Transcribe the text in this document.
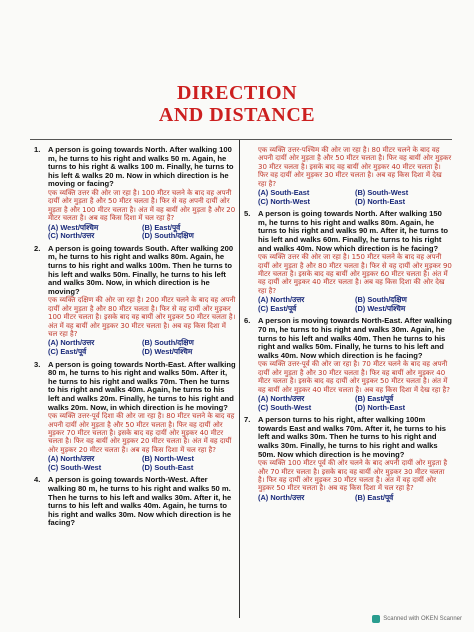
DIRECTION
AND DISTANCE
1. A person is going towards North. After walking 100 m, he turns to his right and walks 50 m. Again, he turns to his right & walks 100 m. Finally, he turns to his left & walks 20 m. Now in which direction is he moving or facing?
एक व्यक्ति उत्तर की ओर जा रहा है। 100 मीटर चलने के बाद वह अपनी दायीं ओर मुड़ता है और 50 मीटर चलता है। फिर से वह अपनी दायीं ओर मुड़ता है और 100 मीटर चलता है। अंत में वह बायीं ओर मुड़ता है और 20 मीटर चलता है। अब वह किस दिशा में चल रहा है?
(A) West/पश्चिम	(B) East/पूर्व
(C) North/उत्तर	(D) South/दक्षिण
2. A person is going towards South. After walking 200 m, he turns to his right and walks 80m. Again, he turns to his right and walks 100m. Then he turns to his left and walks 50m. Finally, he turns to his left and walks 30m. Now, in which direction is he moving?
एक व्यक्ति दक्षिण की ओर जा रहा है। 200 मीटर चलने के बाद वह अपनी दायीं ओर मुड़ता है और 80 मीटर चलता है। फिर से वह दायीं ओर मुड़कर 100 मीटर चलता है। इसके बाद वह बायीं ओर मुड़कर 50 मीटर चलता है। अंत में वह बायीं ओर मुड़कर 30 मीटर चलता है। अब वह किस दिशा में चल रहा है?
(A) North/उत्तर	(B) South/दक्षिण
(C) East/पूर्व	(D) West/पश्चिम
3. A person is going towards North-East. After walking 80 m, he turns to his right and walks 50m. After it, he turns to his right and walks 70m. Then he turns to his right and walks 40m. Again, he turns to his left and walks 20m. Finally, he turns to his right and walks 20m. Now, in which direction is he moving?
एक व्यक्ति उत्तर-पूर्व दिशा की ओर जा रहा है। 80 मीटर चलने के बाद वह अपनी दायीं ओर मुड़ता है और 50 मीटर चलता है। फिर वह दायीं ओर मुड़कर 70 मीटर चलता है। इसके बाद वह दायीं ओर मुड़कर 40 मीटर चलता है। फिर वह बायीं ओर मुड़कर 20 मीटर चलता है। अंत में वह दायीं ओर मुड़कर 20 मीटर चलता है। अब वह किस दिशा में चल रहा है?
(A) North/उत्तर	(B) North-West
(C) South-West	(D) South-East
4. A person is going towards North-West. After walking 80 m, he turns to his right and walks 50 m. Then he turns to his left and walks 30m. After it, he turns to his left and walks 40m. Again, he turns to his right and walks 30m. Now which direction is he facing?
एक व्यक्ति उत्तर-पश्चिम की ओर जा रहा है। 80 मीटर चलने के बाद वह अपनी दायीं ओर मुड़ता है और 50 मीटर चलता है। फिर वह बायीं ओर मुड़कर 30 मीटर चलता है। इसके बाद वह बायीं ओर मुड़कर 40 मीटर चलता है। फिर वह दायीं ओर मुड़कर 30 मीटर चलता है। अब वह किस दिशा में देख रहा है?
(A) South-East	(B) South-West
(C) North-West	(D) North-East
5. A person is going towards North. After walking 150 m, he turns to his right and walks 80m. Again, he turns to his right and walks 90 m. After it, he turns to his left and walks 60m. Finally, he turns to his right and walks 40m. Now which direction is he facing?
एक व्यक्ति उत्तर की ओर जा रहा है। 150 मीटर चलने के बाद वह अपनी दायीं ओर मुड़ता है और 80 मीटर चलता है। फिर से वह दायीं ओर मुड़कर 90 मीटर चलता है। इसके बाद वह बायीं ओर मुड़कर 60 मीटर चलता है। अंत में वह दायीं ओर मुड़कर 40 मीटर चलता है। अब वह किस दिशा की ओर देख रहा है?
(A) North/उत्तर	(B) South/दक्षिण
(C) East/पूर्व	(D) West/पश्चिम
6. A person is moving towards North-East. After walking 70 m, he turns to his right and walks 30m. Again, he turns to his left and walks 40m. Then he turns to his right and walks 50m. Finally, he turns to his left and walks 40m. Now which direction is he facing?
एक व्यक्ति उत्तर-पूर्व की ओर जा रहा है। 70 मीटर चलने के बाद वह अपनी दायीं ओर मुड़ता है और 30 मीटर चलता है। फिर वह बायीं ओर मुड़कर 40 मीटर चलता है। इसके बाद वह दायीं ओर मुड़कर 50 मीटर चलता है। अंत में वह बायीं ओर मुड़कर 40 मीटर चलता है। अब वह किस दिशा में देख रहा है?
(A) North/उत्तर	(B) East/पूर्व
(C) South-West	(D) North-East
7. A person turns to his right, after walking 100m towards East and walks 70m. After it, he turns to his left and walks 30m. Then he turns to his right and walks 30m. Finally, he turns to his right and walks 50m. Now which direction is he moving?
एक व्यक्ति 100 मीटर पूर्व की ओर चलने के बाद अपनी दायीं ओर मुड़ता है और 70 मीटर चलता है। इसके बाद वह बायीं ओर मुड़कर 30 मीटर चलता है। फिर वह दायीं ओर मुड़कर 30 मीटर चलता है। अंत में वह दायीं ओर मुड़कर 50 मीटर चलता है। अब वह किस दिशा में चल रहा है?
(A) North/उत्तर	(B) East/पूर्व
Scanned with OKEN Scanner
